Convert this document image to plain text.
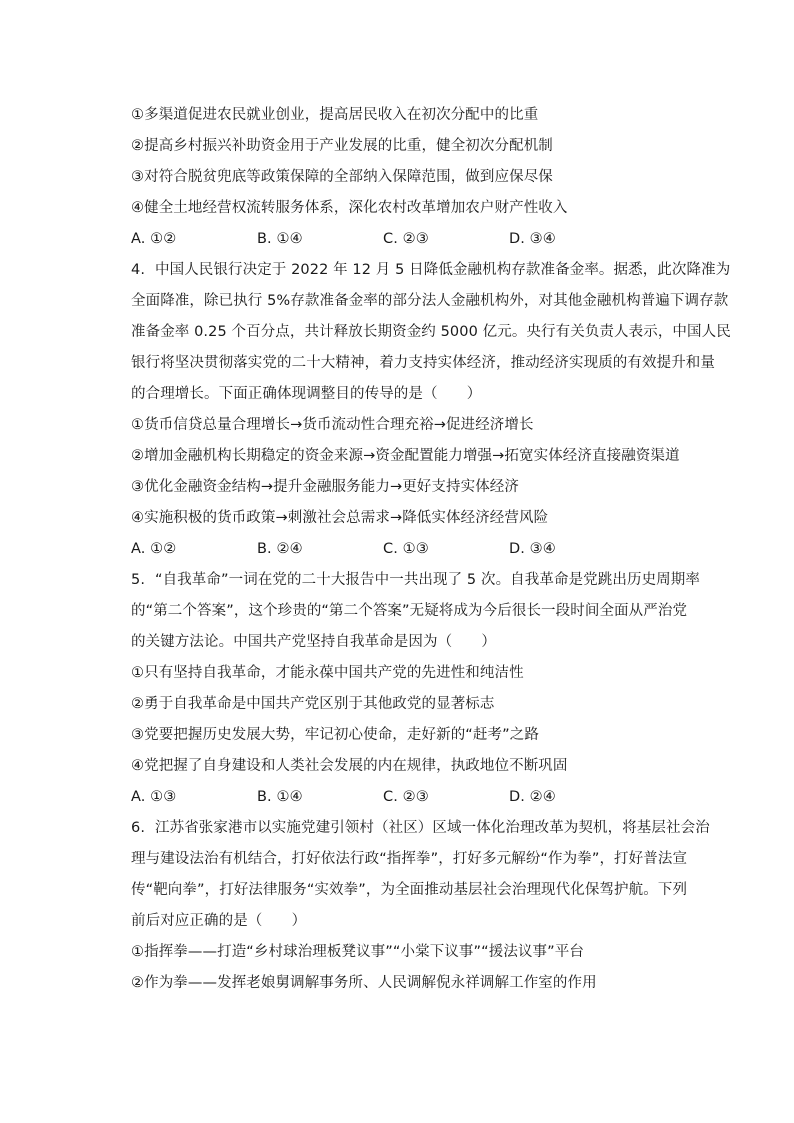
①多渠道促进农民就业创业，提高居民收入在初次分配中的比重
②提高乡村振兴补助资金用于产业发展的比重，健全初次分配机制
③对符合脱贫兜底等政策保障的全部纳入保障范围，做到应保尽保
④健全土地经营权流转服务体系，深化农村改革增加农户财产性收入
A. ①②	B. ①④	C. ②③	D. ③④
4. 中国人民银行决定于 2022 年 12 月 5 日降低金融机构存款准备金率。据悉，此次降准为
全面降准，除已执行 5%存款准备金率的部分法人金融机构外，对其他金融机构普遍下调存款
准备金率 0.25 个百分点，共计释放长期资金约 5000 亿元。央行有关负责人表示，中国人民
银行将坚决贯彻落实党的二十大精神，着力支持实体经济，推动经济实现质的有效提升和量
的合理增长。下面正确体现调整目的传导的是（　　）
①货币信贷总量合理增长→货币流动性合理充裕→促进经济增长
②增加金融机构长期稳定的资金来源→资金配置能力增强→拓宽实体经济直接融资渠道
③优化金融资金结构→提升金融服务能力→更好支持实体经济
④实施积极的货币政策→刺激社会总需求→降低实体经济经营风险
A. ①②	B. ②④	C. ①③	D. ③④
5. “自我革命”一词在党的二十大报告中一共出现了 5 次。自我革命是党跳出历史周期率
的“第二个答案”，这个珍贵的“第二个答案”无疑将成为今后很长一段时间全面从严治党
的关键方法论。中国共产党坚持自我革命是因为（　　）
①只有坚持自我革命，才能永葆中国共产党的先进性和纯洁性
②勇于自我革命是中国共产党区别于其他政党的显著标志
③党要把握历史发展大势，牢记初心使命，走好新的“赶考”之路
④党把握了自身建设和人类社会发展的内在规律，执政地位不断巩固
A. ①③	B. ①④	C. ②③	D. ②④
6. 江苏省张家港市以实施党建引领村（社区）区域一体化治理改革为契机，将基层社会治
理与建设法治有机结合，打好依法行政“指挥拳”，打好多元解纷“作为拳”，打好普法宣
传“靶向拳”，打好法律服务“实效拳”，为全面推动基层社会治理现代化保驾护航。下列
前后对应正确的是（　　）
①指挥拳——打造“乡村球治理板凳议事”“小棠下议事”“援法议事”平台
②作为拳——发挥老娘舅调解事务所、人民调解倪永祥调解工作室的作用
